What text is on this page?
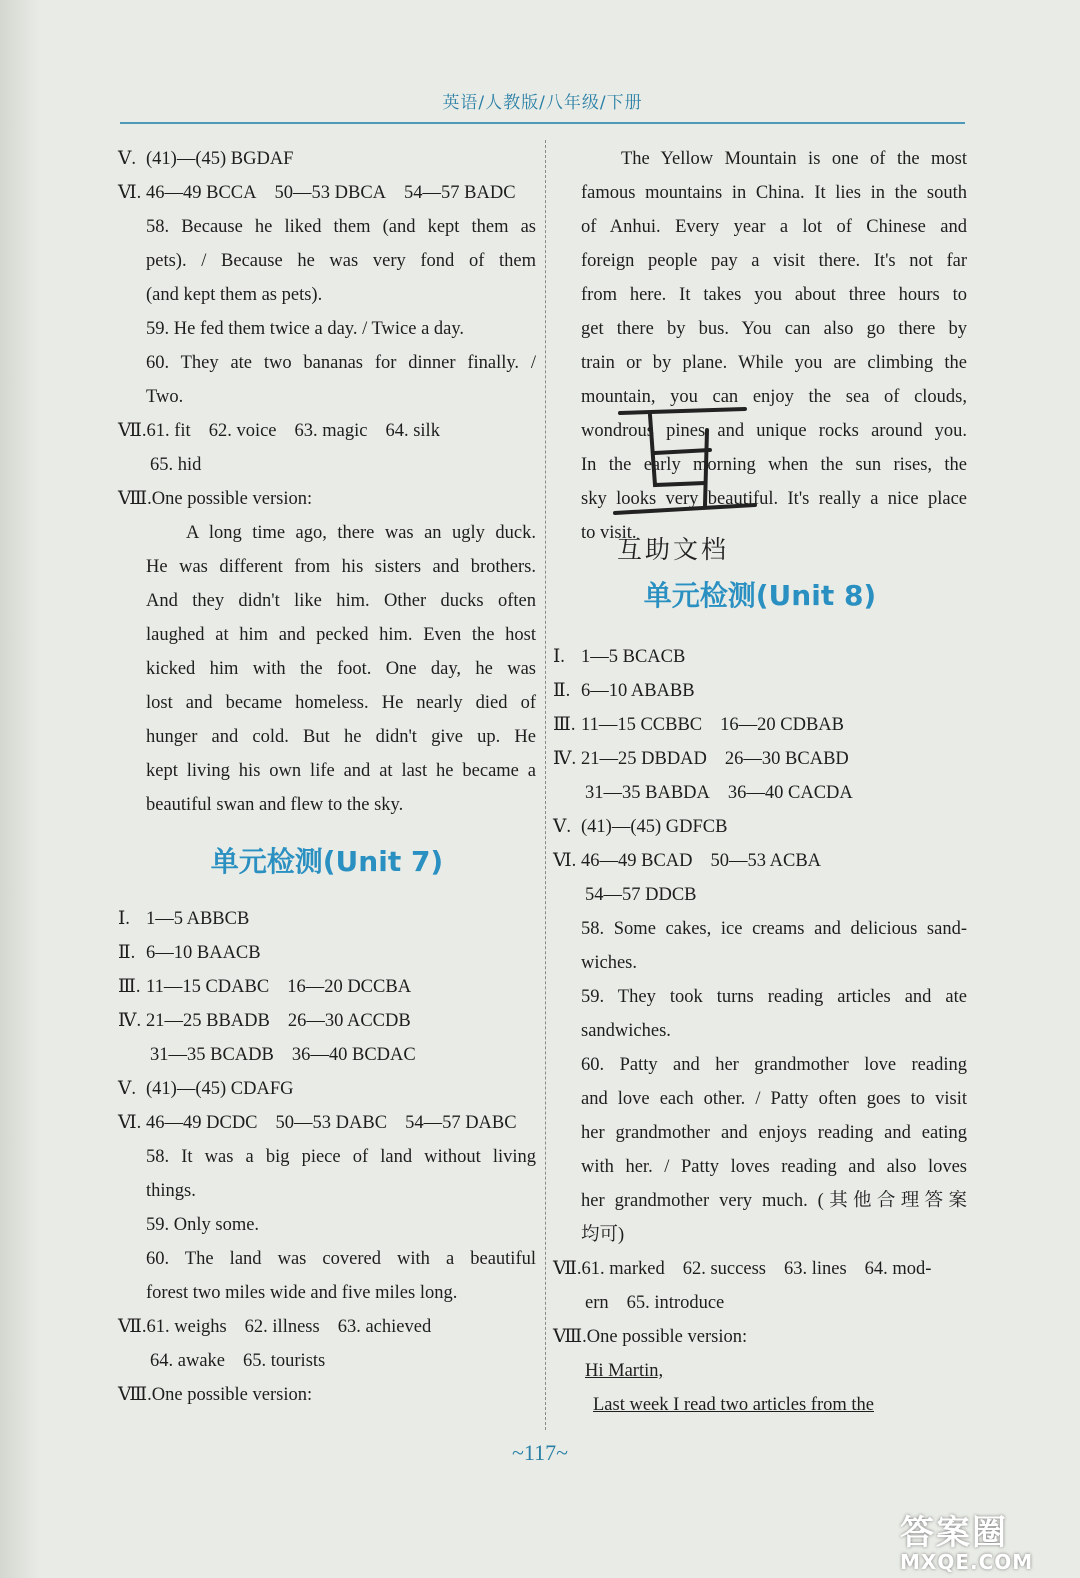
英语/人教版/八年级/下册
Ⅴ. (41)—(45) BGDAF
Ⅵ. 46—49 BCCA 50—53 DBCA 54—57 BADC
58. Because he liked them (and kept them as
pets). / Because he was very fond of them
(and kept them as pets).
59. He fed them twice a day. / Twice a day.
60. They ate two bananas for dinner finally. /
Two.
Ⅶ.61. fit 62. voice 63. magic 64. silk
65. hid
Ⅷ.One possible version:
A long time ago, there was an ugly duck.
He was different from his sisters and brothers.
And they didn't like him. Other ducks often
laughed at him and pecked him. Even the host
kicked him with the foot. One day, he was
lost and became homeless. He nearly died of
hunger and cold. But he didn't give up. He
kept living his own life and at last he became a
beautiful swan and flew to the sky.
单元检测(Unit 7)
Ⅰ. 1—5 ABBCB
Ⅱ. 6—10 BAACB
Ⅲ. 11—15 CDABC 16—20 DCCBA
Ⅳ. 21—25 BBADB 26—30 ACCDB
31—35 BCADB 36—40 BCDAC
Ⅴ. (41)—(45) CDAFG
Ⅵ. 46—49 DCDC 50—53 DABC 54—57 DABC
58. It was a big piece of land without living
things.
59. Only some.
60. The land was covered with a beautiful
forest two miles wide and five miles long.
Ⅶ.61. weighs 62. illness 63. achieved
64. awake 65. tourists
Ⅷ.One possible version:
The Yellow Mountain is one of the most
famous mountains in China. It lies in the south
of Anhui. Every year a lot of Chinese and
foreign people pay a visit there. It's not far
from here. It takes you about three hours to
get there by bus. You can also go there by
train or by plane. While you are climbing the
mountain, you can enjoy the sea of clouds,
wondrous pines and unique rocks around you.
In the early morning when the sun rises, the
sky looks very beautiful. It's really a nice place
to visit.
单元检测(Unit 8)
Ⅰ. 1—5 BCACB
Ⅱ. 6—10 ABABB
Ⅲ. 11—15 CCBBC 16—20 CDBAB
Ⅳ. 21—25 DBDAD 26—30 BCABD
31—35 BABDA 36—40 CACDA
Ⅴ. (41)—(45) GDFCB
Ⅵ. 46—49 BCAD 50—53 ACBA
54—57 DDCB
58. Some cakes, ice creams and delicious sand-
wiches.
59. They took turns reading articles and ate
sandwiches.
60. Patty and her grandmother love reading
and love each other. / Patty often goes to visit
her grandmother and enjoys reading and eating
with her. / Patty loves reading and also loves
her grandmother very much. (其他合理答案
均可)
Ⅶ.61. marked 62. success 63. lines 64. mod-
ern 65. introduce
Ⅷ.One possible version:
Hi Martin,
Last week I read two articles from the
互助文档
~117~
答案圈
MXQE.COM
